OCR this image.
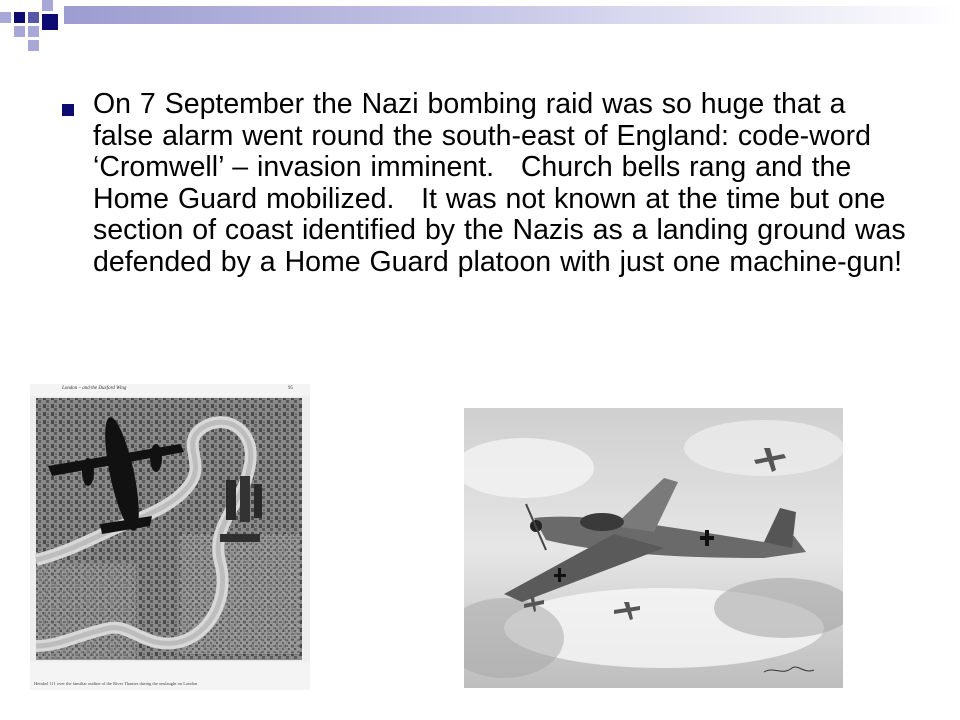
On 7 September the Nazi bombing raid was so huge that a false alarm went round the south-east of England: code-word ‘Cromwell’ – invasion imminent.   Church bells rang and the Home Guard mobilized.   It was not known at the time but one section of coast identified by the Nazis as a landing ground was defended by a Home Guard platoon with just one machine-gun!

London – and the Duxford Wing	95
Heinkel 111 over the familiar outline of the River Thames during the onslaught on London
